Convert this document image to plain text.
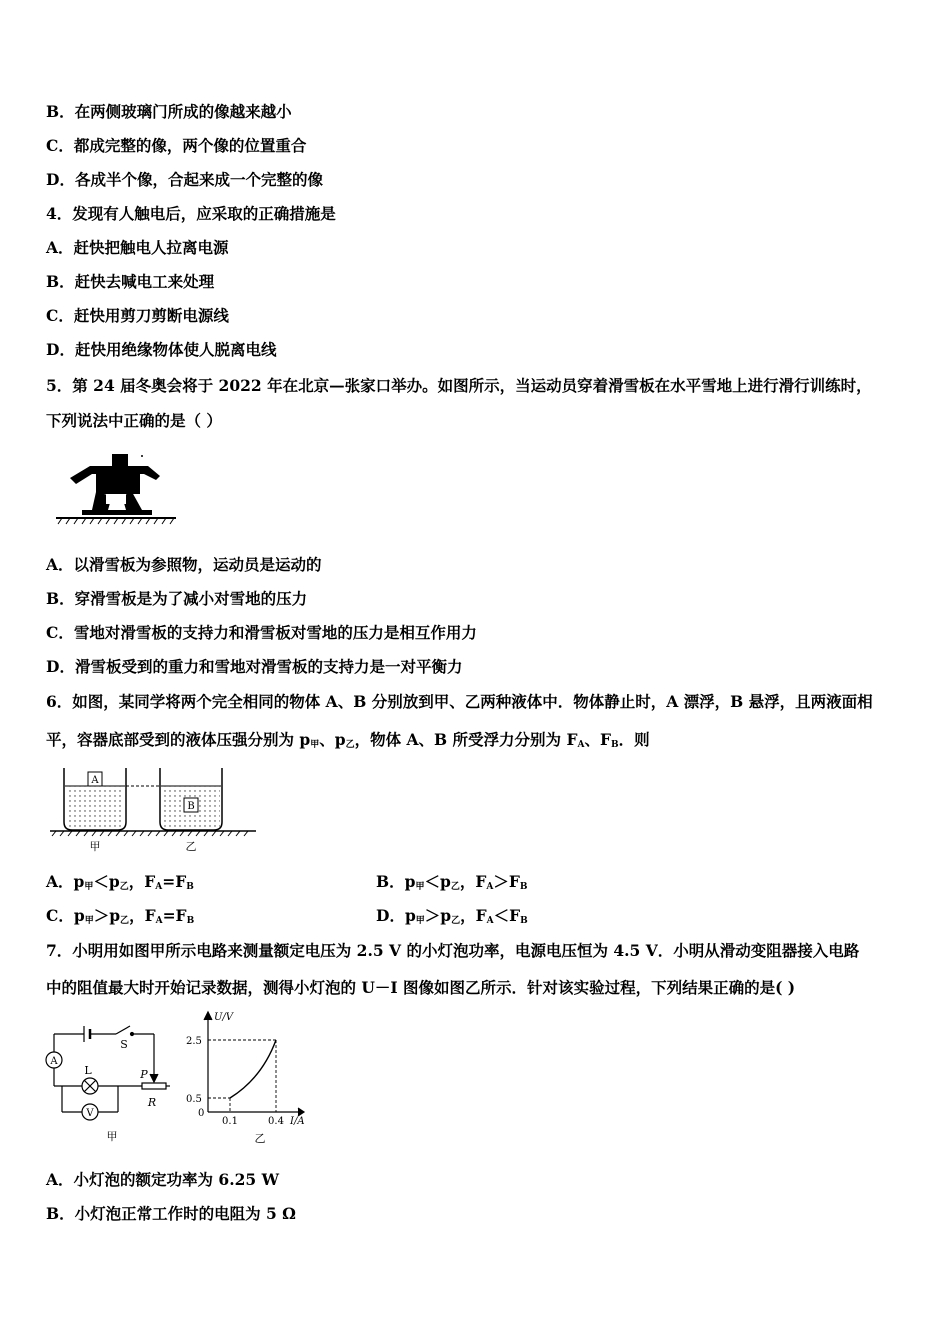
B．在两侧玻璃门所成的像越来越小
C．都成完整的像，两个像的位置重合
D．各成半个像，合起来成一个完整的像
4．发现有人触电后，应采取的正确措施是
A．赶快把触电人拉离电源
B．赶快去喊电工来处理
C．赶快用剪刀剪断电源线
D．赶快用绝缘物体使人脱离电线
5．第 24 届冬奥会将于 2022 年在北京—张家口举办。如图所示，当运动员穿着滑雪板在水平雪地上进行滑行训练时，
下列说法中正确的是（ ）
A．以滑雪板为参照物，运动员是运动的
B．穿滑雪板是为了减小对雪地的压力
C．雪地对滑雪板的支持力和滑雪板对雪地的压力是相互作用力
D．滑雪板受到的重力和雪地对滑雪板的支持力是一对平衡力
6．如图，某同学将两个完全相同的物体 A、B 分别放到甲、乙两种液体中．物体静止时，A 漂浮，B 悬浮，且两液面相
平，容器底部受到的液体压强分别为 $p_甲$、$p_乙$，物体 A、B 所受浮力分别为 $F_A$、$F_B$．则
A
B
甲	乙
A．$p_甲<p_乙$，$F_A=F_B$	B．$p_甲<p_乙$，$F_A>F_B$
C．$p_甲>p_乙$，$F_A=F_B$	D．$p_甲>p_乙$，$F_A<F_B$
7．小明用如图甲所示电路来测量额定电压为 2.5 V 的小灯泡功率，电源电压恒为 4.5 V．小明从滑动变阻器接入电路
中的阻值最大时开始记录数据，测得小灯泡的 U－I 图像如图乙所示．针对该实验过程，下列结果正确的是( )
A
V
L
S
P
R
甲
U/V
2.5
0.5
0
0.1	0.4 I/A
乙
A．小灯泡的额定功率为 6.25 W
B．小灯泡正常工作时的电阻为 5 Ω
